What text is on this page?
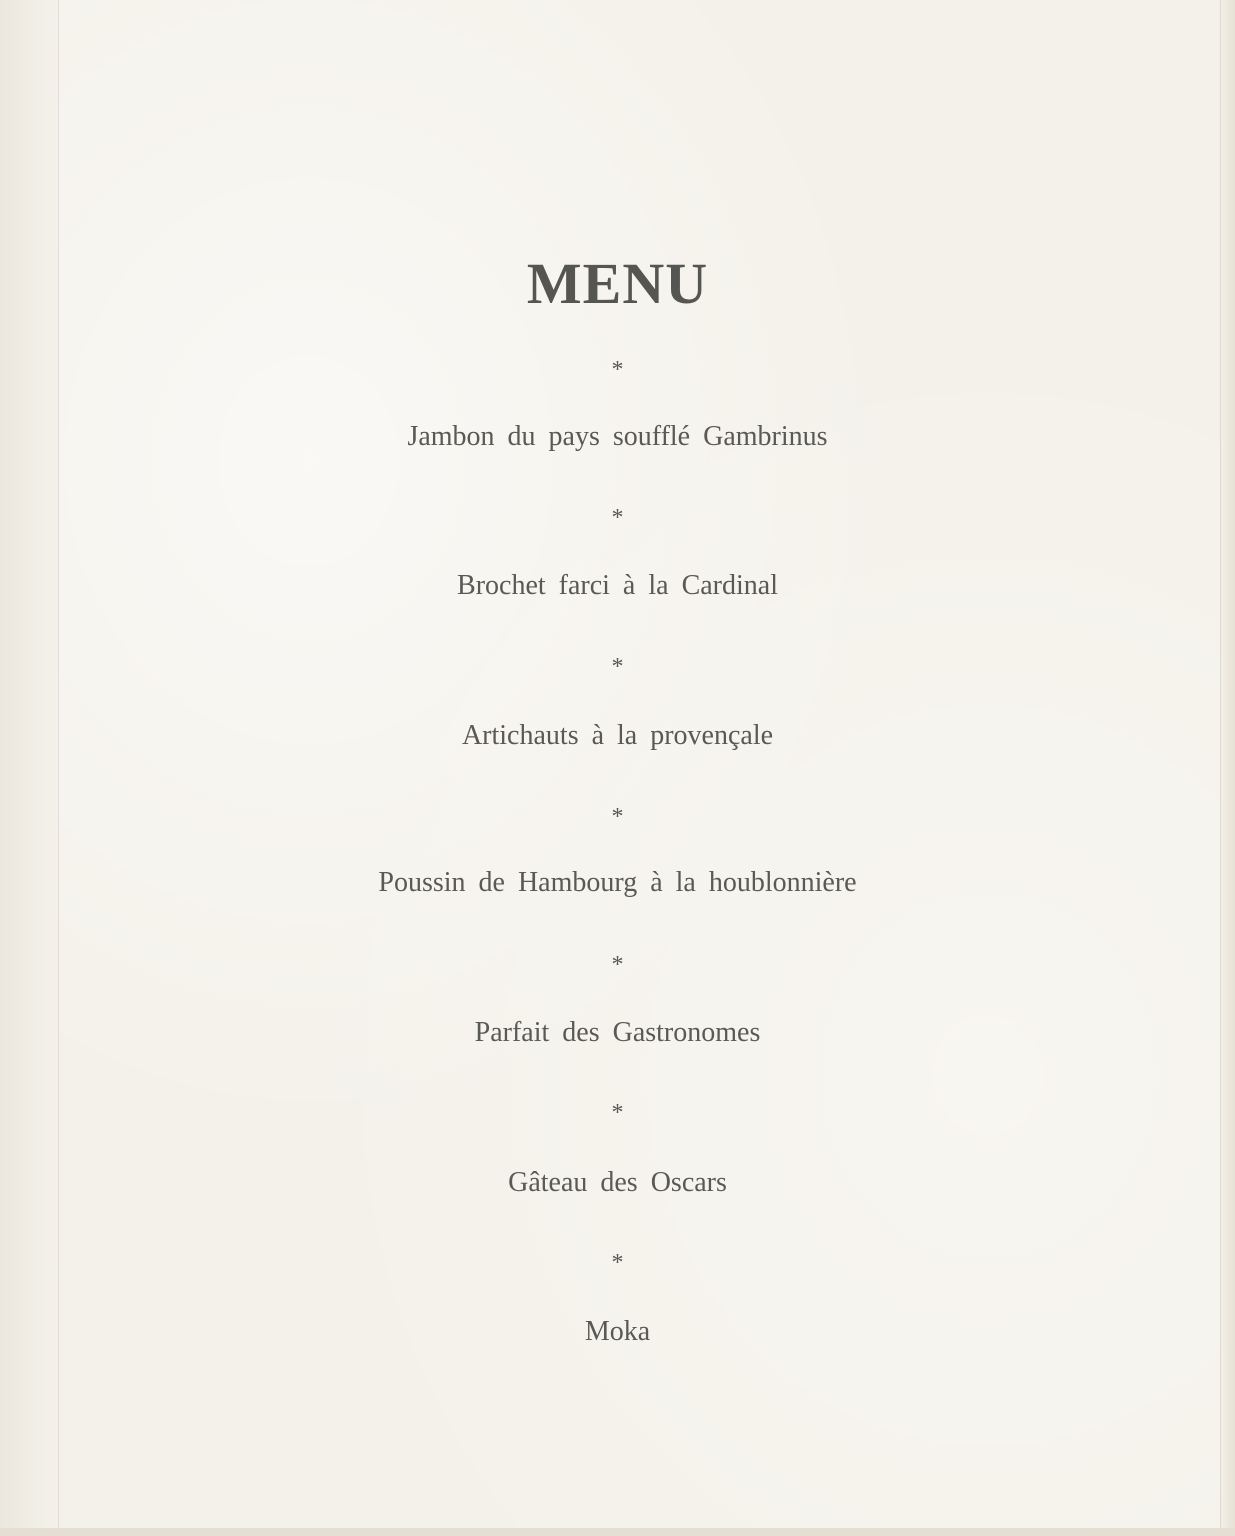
MENU
*
Jambon du pays soufflé Gambrinus
*
Brochet farci à la Cardinal
*
Artichauts à la provençale
*
Poussin de Hambourg à la houblonnière
*
Parfait des Gastronomes
*
Gâteau des Oscars
*
Moka
